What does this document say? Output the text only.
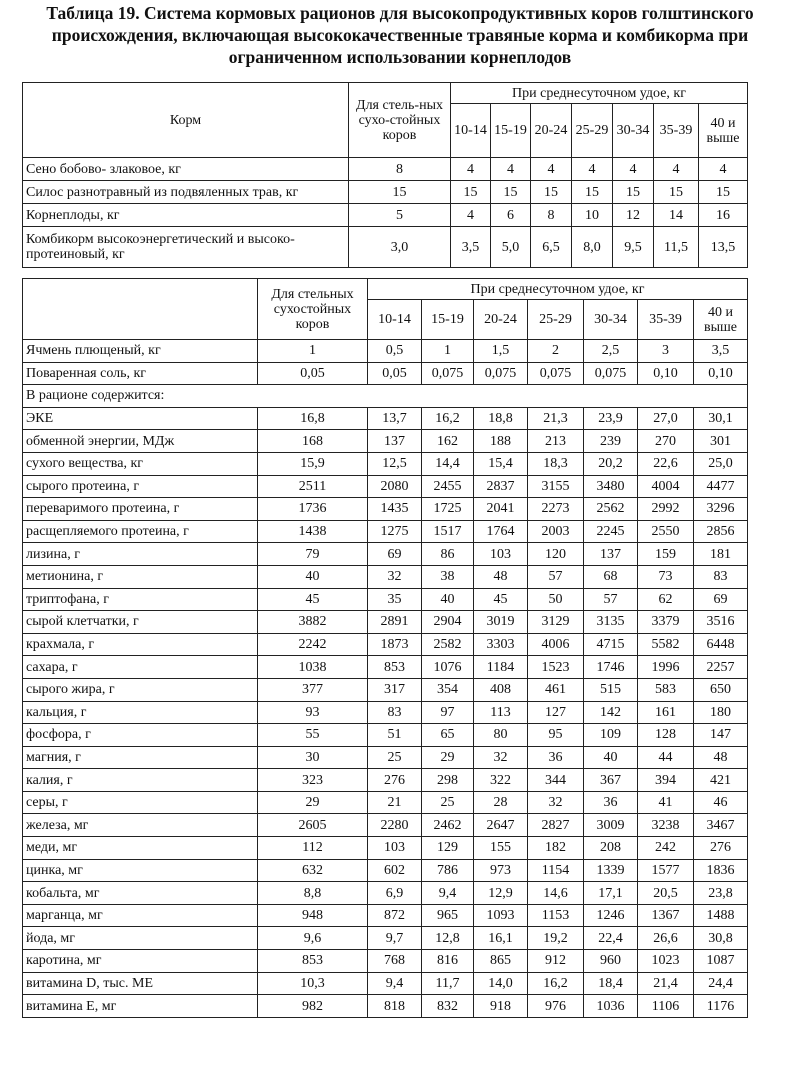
Таблица 19. Система кормовых рационов для высокопродуктивных коров голштинского происхождения, включающая высококачественные травяные корма и комбикорма при ограниченном использовании корнеплодов
Корм	Для стель-ных сухо-стойных коров	При среднесуточном удое, кг						
		10-14	15-19	20-24	25-29	30-34	35-39	40 и выше
Сено бобово- злаковое, кг	8	4	4	4	4	4	4	4
Силос разнотравный из подвяленных трав, кг	15	15	15	15	15	15	15	15
Корнеплоды, кг	5	4	6	8	10	12	14	16
Комбикорм высокоэнергетический и высоко-протеиновый, кг	3,0	3,5	5,0	6,5	8,0	9,5	11,5	13,5
	Для стельных сухостойных коров	При среднесуточном удое, кг						
		10-14	15-19	20-24	25-29	30-34	35-39	40 и выше
Ячмень плющеный, кг	1	0,5	1	1,5	2	2,5	3	3,5
Поваренная соль, кг	0,05	0,05	0,075	0,075	0,075	0,075	0,10	0,10
В рационе содержится:								
ЭКЕ	16,8	13,7	16,2	18,8	21,3	23,9	27,0	30,1
обменной энергии, МДж	168	137	162	188	213	239	270	301
сухого вещества, кг	15,9	12,5	14,4	15,4	18,3	20,2	22,6	25,0
сырого протеина, г	2511	2080	2455	2837	3155	3480	4004	4477
переваримого протеина, г	1736	1435	1725	2041	2273	2562	2992	3296
расщепляемого протеина, г	1438	1275	1517	1764	2003	2245	2550	2856
лизина, г	79	69	86	103	120	137	159	181
метионина, г	40	32	38	48	57	68	73	83
триптофана, г	45	35	40	45	50	57	62	69
сырой клетчатки, г	3882	2891	2904	3019	3129	3135	3379	3516
крахмала, г	2242	1873	2582	3303	4006	4715	5582	6448
сахара, г	1038	853	1076	1184	1523	1746	1996	2257
сырого жира, г	377	317	354	408	461	515	583	650
кальция, г	93	83	97	113	127	142	161	180
фосфора, г	55	51	65	80	95	109	128	147
магния, г	30	25	29	32	36	40	44	48
калия, г	323	276	298	322	344	367	394	421
серы, г	29	21	25	28	32	36	41	46
железа, мг	2605	2280	2462	2647	2827	3009	3238	3467
меди, мг	112	103	129	155	182	208	242	276
цинка, мг	632	602	786	973	1154	1339	1577	1836
кобальта, мг	8,8	6,9	9,4	12,9	14,6	17,1	20,5	23,8
марганца, мг	948	872	965	1093	1153	1246	1367	1488
йода, мг	9,6	9,7	12,8	16,1	19,2	22,4	26,6	30,8
каротина, мг	853	768	816	865	912	960	1023	1087
витамина D, тыс. МЕ	10,3	9,4	11,7	14,0	16,2	18,4	21,4	24,4
витамина Е, мг	982	818	832	918	976	1036	1106	1176
